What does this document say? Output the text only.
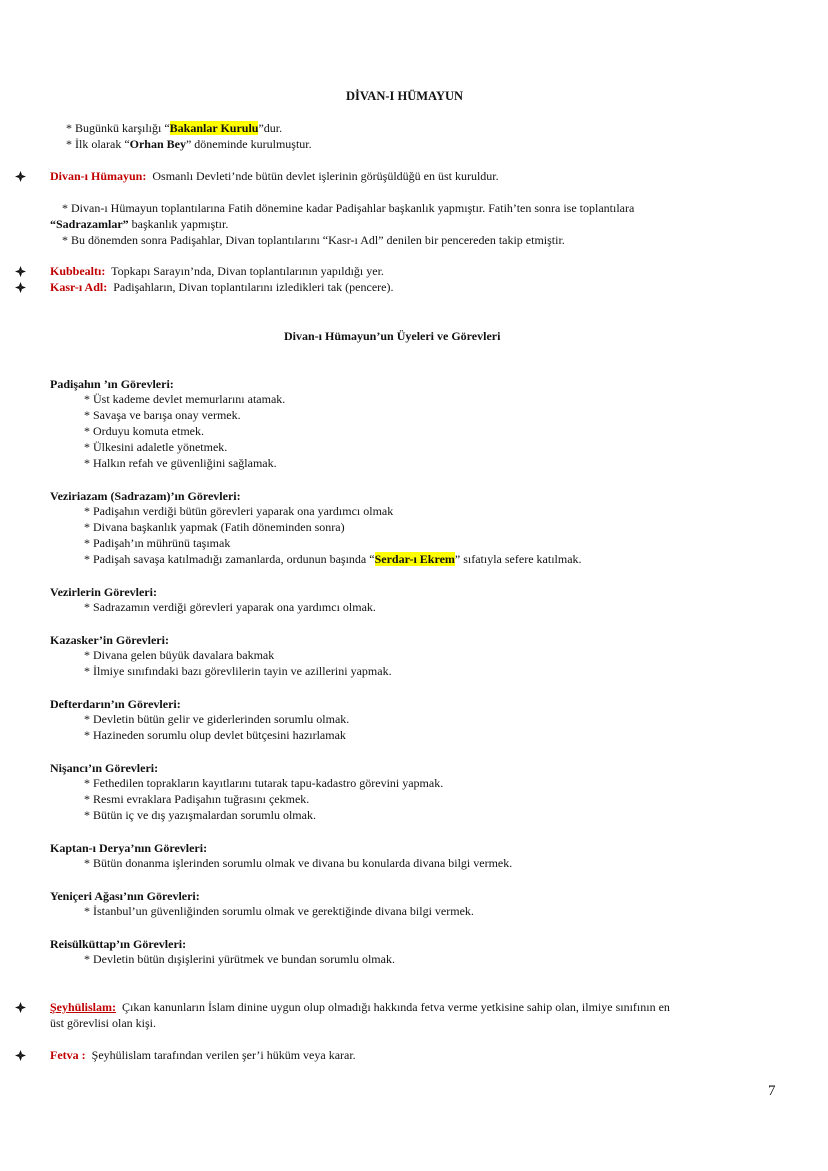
DİVAN-I HÜMAYUN
* Bugünkü karşılığı “Bakanlar Kurulu”dur.
* İlk olarak “Orhan Bey” döneminde kurulmuştur.
Divan-ı Hümayun: Osmanlı Devleti’nde bütün devlet işlerinin görüşüldüğü en üst kuruldur.
* Divan-ı Hümayun toplantılarına Fatih dönemine kadar Padişahlar başkanlık yapmıştır. Fatih’ten sonra ise toplantılara
“Sadrazamlar” başkanlık yapmıştır.
* Bu dönemden sonra Padişahlar, Divan toplantılarını “Kasr-ı Adl” denilen bir pencereden takip etmiştir.
Kubbealtı: Topkapı Sarayın’nda, Divan toplantılarının yapıldığı yer.
Kasr-ı Adl: Padişahların, Divan toplantılarını izledikleri tak (pencere).
Divan-ı Hümayun’un Üyeleri ve Görevleri
Padişahın ’ın Görevleri:
* Üst kademe devlet memurlarını atamak.
* Savaşa ve barışa onay vermek.
* Orduyu komuta etmek.
* Ülkesini adaletle yönetmek.
* Halkın refah ve güvenliğini sağlamak.
Veziriazam (Sadrazam)’ın Görevleri:
* Padişahın verdiği bütün görevleri yaparak ona yardımcı olmak
* Divana başkanlık yapmak (Fatih döneminden sonra)
* Padişah’ın mührünü taşımak
* Padişah savaşa katılmadığı zamanlarda, ordunun başında “Serdar-ı Ekrem” sıfatıyla sefere katılmak.
Vezirlerin Görevleri:
* Sadrazamın verdiği görevleri yaparak ona yardımcı olmak.
Kazasker’in Görevleri:
* Divana gelen büyük davalara bakmak
* İlmiye sınıfındaki bazı görevlilerin tayin ve azillerini yapmak.
Defterdarın’ın Görevleri:
* Devletin bütün gelir ve giderlerinden sorumlu olmak.
* Hazineden sorumlu olup devlet bütçesini hazırlamak
Nişancı’ın Görevleri:
* Fethedilen toprakların kayıtlarını tutarak tapu-kadastro görevini yapmak.
* Resmi evraklara Padişahın tuğrasını çekmek.
* Bütün iç ve dış yazışmalardan sorumlu olmak.
Kaptan-ı Derya’nın Görevleri:
* Bütün donanma işlerinden sorumlu olmak ve divana bu konularda divana bilgi vermek.
Yeniçeri Ağası’nın Görevleri:
* İstanbul’un güvenliğinden sorumlu olmak ve gerektiğinde divana bilgi vermek.
Reisülküttap’ın Görevleri:
* Devletin bütün dışişlerini yürütmek ve bundan sorumlu olmak.
Şeyhülislam: Çıkan kanunların İslam dinine uygun olup olmadığı hakkında fetva verme yetkisine sahip olan, ilmiye sınıfının en
üst görevlisi olan kişi.
Fetva : Şeyhülislam tarafından verilen şer’i hüküm veya karar.
7
